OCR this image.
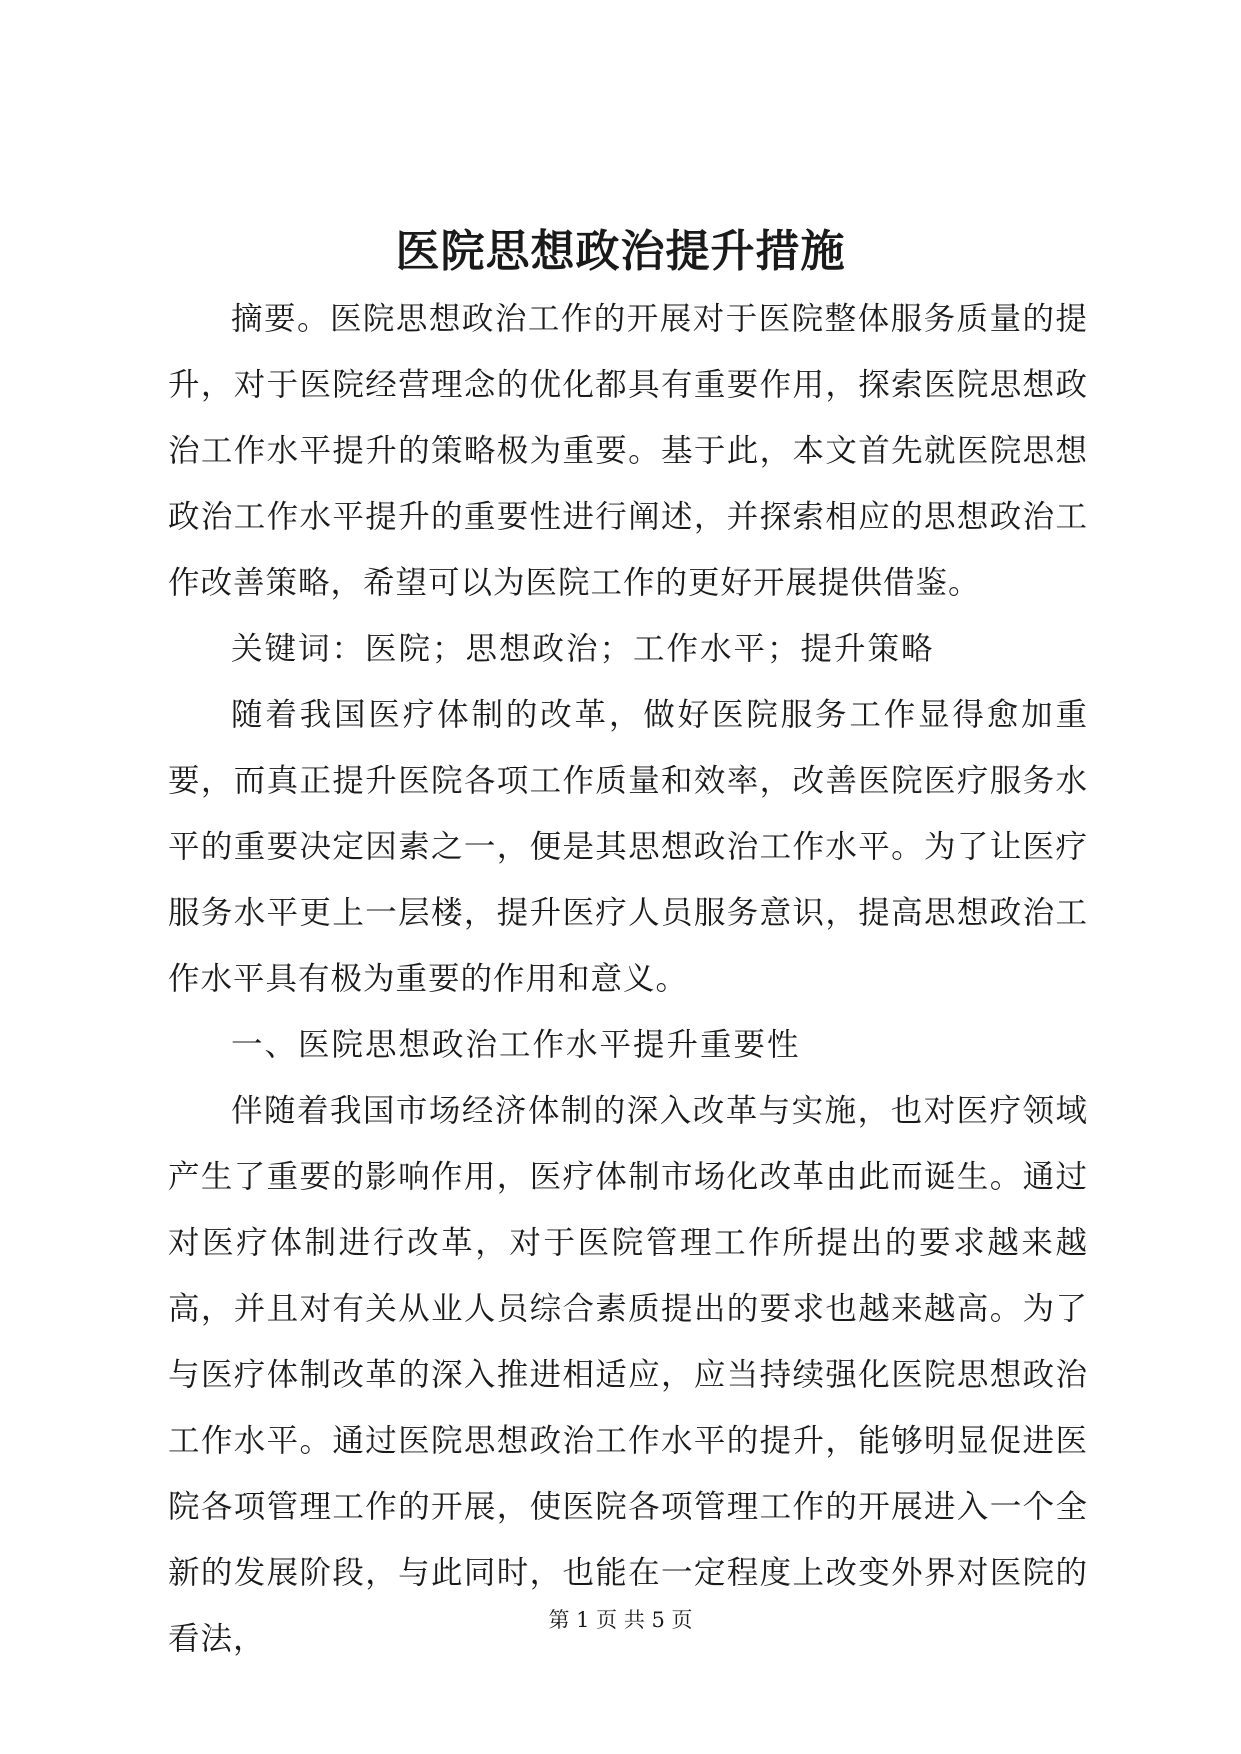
医院思想政治提升措施

摘要。医院思想政治工作的开展对于医院整体服务质量的提升，对于医院经营理念的优化都具有重要作用，探索医院思想政治工作水平提升的策略极为重要。基于此，本文首先就医院思想政治工作水平提升的重要性进行阐述，并探索相应的思想政治工作改善策略，希望可以为医院工作的更好开展提供借鉴。

关键词：医院；思想政治；工作水平；提升策略

随着我国医疗体制的改革，做好医院服务工作显得愈加重要，而真正提升医院各项工作质量和效率，改善医院医疗服务水平的重要决定因素之一，便是其思想政治工作水平。为了让医疗服务水平更上一层楼，提升医疗人员服务意识，提高思想政治工作水平具有极为重要的作用和意义。

一、医院思想政治工作水平提升重要性

伴随着我国市场经济体制的深入改革与实施，也对医疗领域产生了重要的影响作用，医疗体制市场化改革由此而诞生。通过对医疗体制进行改革，对于医院管理工作所提出的要求越来越高，并且对有关从业人员综合素质提出的要求也越来越高。为了与医疗体制改革的深入推进相适应，应当持续强化医院思想政治工作水平。通过医院思想政治工作水平的提升，能够明显促进医院各项管理工作的开展，使医院各项管理工作的开展进入一个全新的发展阶段，与此同时，也能在一定程度上改变外界对医院的看法，

第 1 页 共 5 页
